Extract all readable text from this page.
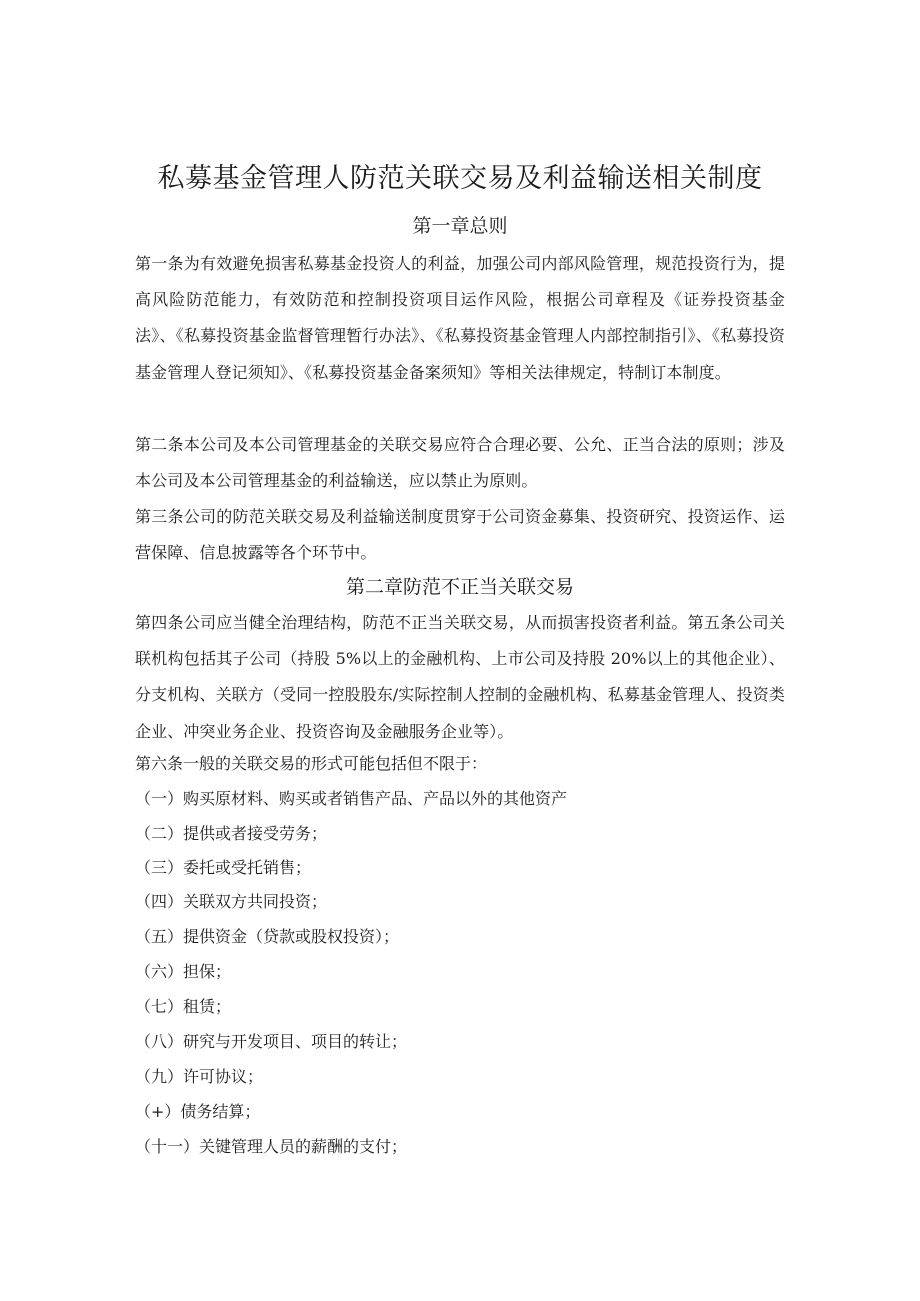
私募基金管理人防范关联交易及利益输送相关制度
第一章总则

第一条为有效避免损害私募基金投资人的利益，加强公司内部风险管理，规范投资行为，提高风险防范能力，有效防范和控制投资项目运作风险，根据公司章程及《证券投资基金法》、《私募投资基金监督管理暂行办法》、《私募投资基金管理人内部控制指引》、《私募投资基金管理人登记须知》、《私募投资基金备案须知》等相关法律规定，特制订本制度。

第二条本公司及本公司管理基金的关联交易应符合合理必要、公允、正当合法的原则；涉及本公司及本公司管理基金的利益输送，应以禁止为原则。

第三条公司的防范关联交易及利益输送制度贯穿于公司资金募集、投资研究、投资运作、运营保障、信息披露等各个环节中。

第二章防范不正当关联交易

第四条公司应当健全治理结构，防范不正当关联交易，从而损害投资者利益。第五条公司关联机构包括其子公司（持股 5%以上的金融机构、上市公司及持股 20%以上的其他企业）、分支机构、关联方（受同一控股股东/实际控制人控制的金融机构、私募基金管理人、投资类企业、冲突业务企业、投资咨询及金融服务企业等）。

第六条一般的关联交易的形式可能包括但不限于：

（一）购买原材料、购买或者销售产品、产品以外的其他资产

（二）提供或者接受劳务；

（三）委托或受托销售；

（四）关联双方共同投资；

（五）提供资金（贷款或股权投资）；

（六）担保；

（七）租赁；

（八）研究与开发项目、项目的转让；

（九）许可协议；

（+）债务结算；

（十一）关键管理人员的薪酬的支付；
